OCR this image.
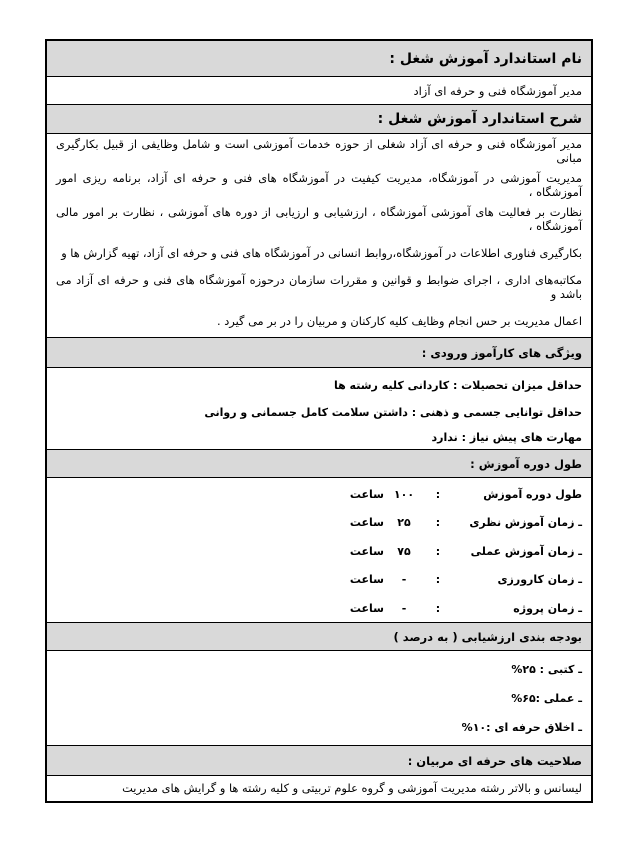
نام استاندارد آموزش شغل :
مدیر آموزشگاه فنی و حرفه ای آزاد
شرح استاندارد آموزش شغل :

مدیر آموزشگاه فنی و حرفه ای آزاد شغلی از حوزه خدمات آموزشی است و شامل وظایفی از قبیل بکارگیری مبانی

مدیریت آموزشی در آموزشگاه، مدیریت کیفیت در آموزشگاه های فنی و حرفه ای آزاد، برنامه ریزی امور آموزشگاه ،

نظارت بر فعالیت های آموزشی آموزشگاه ، ارزشیابی و ارزیابی از دوره های آموزشی ، نظارت بر امور مالی آموزشگاه ،

بکارگیری فناوری اطلاعات در آموزشگاه،روابط انسانی در آموزشگاه های فنی و حرفه ای آزاد، تهیه گزارش ها و

مکاتبه‌های اداری ، اجرای ضوابط و قوانین و مقررات سازمان درحوزه آموزشگاه های فنی و حرفه ای آزاد می باشد و

اعمال مدیریت بر حس انجام وظایف کلیه کارکنان و مربیان را در بر می گیرد .

ویژگی های کارآموز ورودی :
حداقل میزان تحصیلات : کاردانی کلیه رشته ها
حداقل توانایی جسمی و ذهنی : داشتن سلامت کامل جسمانی و روانی
مهارت های پیش نیاز : ندارد
طول دوره آموزش :
طول دوره آموزش
:
۱۰۰
ساعت
ـ زمان آموزش نظری
:
۲۵
ساعت
ـ زمان آموزش عملی
:
۷۵
ساعت
ـ زمان کارورزی
:
-
ساعت
ـ زمان پروژه
:
-
ساعت
بودجه بندی ارزشیابی ( به درصد )

ـ کتبی : ۲۵%

ـ عملی :۶۵%

ـ اخلاق حرفه ای :۱۰%

صلاحیت های حرفه ای مربیان :
لیسانس و بالاتر رشته مدیریت آموزشی و گروه علوم تربیتی و کلیه رشته ها و گرایش های مدیریت
